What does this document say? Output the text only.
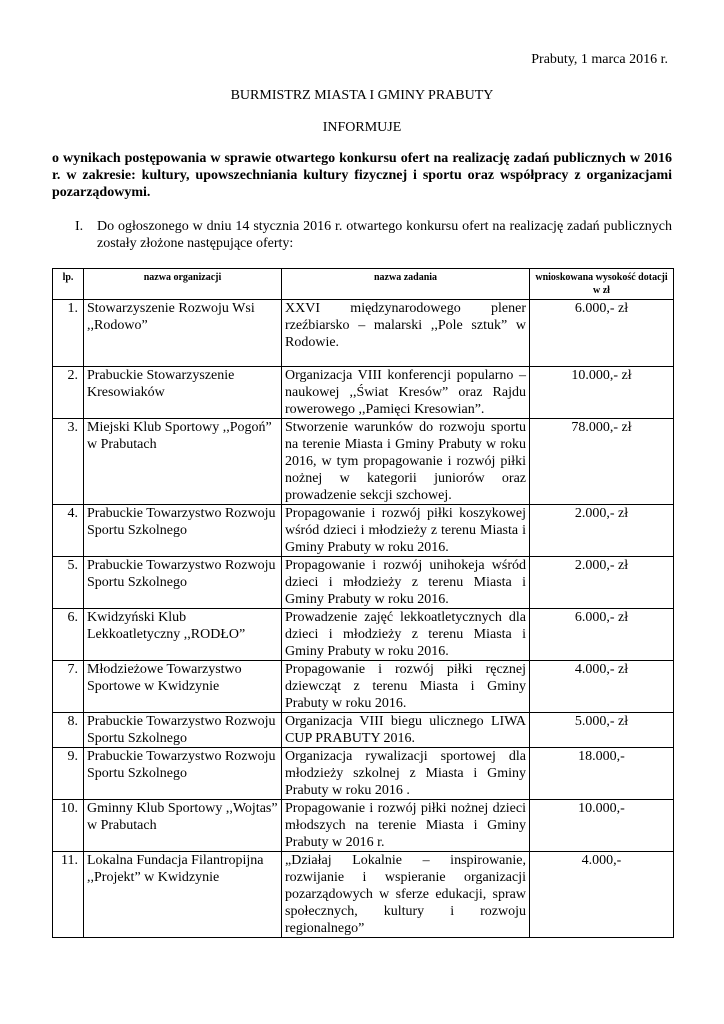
Prabuty, 1 marca 2016 r.
BURMISTRZ MIASTA I GMINY PRABUTY
INFORMUJE
o wynikach postępowania w sprawie otwartego konkursu ofert na realizację zadań publicznych w 2016 r. w zakresie: kultury, upowszechniania kultury fizycznej i sportu oraz współpracy z organizacjami pozarządowymi.
I. Do ogłoszonego w dniu 14 stycznia 2016 r. otwartego konkursu ofert na realizację zadań publicznych zostały złożone następujące oferty:
lp.	nazwa organizacji	nazwa zadania	wnioskowana wysokość dotacji w zł
1.	Stowarzyszenie Rozwoju Wsi ,,Rodowo”	XXVI międzynarodowego plener rzeźbiarsko – malarski ,,Pole sztuk” w Rodowie.	6.000,- zł
2.	Prabuckie Stowarzyszenie Kresowiaków	Organizacja VIII konferencji popularno – naukowej ,,Świat Kresów” oraz Rajdu rowerowego ,,Pamięci Kresowian”.	10.000,- zł
3.	Miejski Klub Sportowy ,,Pogoń” w Prabutach	Stworzenie warunków do rozwoju sportu na terenie Miasta i Gminy Prabuty w roku 2016, w tym propagowanie i rozwój piłki nożnej w kategorii juniorów oraz prowadzenie sekcji szchowej.	78.000,- zł
4.	Prabuckie Towarzystwo Rozwoju Sportu Szkolnego	Propagowanie i rozwój piłki koszykowej wśród dzieci i młodzieży z terenu Miasta i Gminy Prabuty w roku 2016.	2.000,- zł
5.	Prabuckie Towarzystwo Rozwoju Sportu Szkolnego	Propagowanie i rozwój unihokeja wśród dzieci i młodzieży z terenu Miasta i Gminy Prabuty w roku 2016.	2.000,- zł
6.	Kwidzyński Klub Lekkoatletyczny ,,RODŁO”	Prowadzenie zajęć lekkoatletycznych dla dzieci i młodzieży z terenu Miasta i Gminy Prabuty w roku 2016.	6.000,- zł
7.	Młodzieżowe Towarzystwo Sportowe w Kwidzynie	Propagowanie i rozwój piłki ręcznej dziewcząt z terenu Miasta i Gminy Prabuty w roku 2016.	4.000,- zł
8.	Prabuckie Towarzystwo Rozwoju Sportu Szkolnego	Organizacja VIII biegu ulicznego LIWA CUP PRABUTY 2016.	5.000,- zł
9.	Prabuckie Towarzystwo Rozwoju Sportu Szkolnego	Organizacja rywalizacji sportowej dla młodzieży szkolnej z Miasta i Gminy Prabuty w roku 2016 .	18.000,-
10.	Gminny Klub Sportowy ,,Wojtas” w Prabutach	Propagowanie i rozwój piłki nożnej dzieci młodszych na terenie Miasta i Gminy Prabuty w 2016 r.	10.000,-
11.	Lokalna Fundacja Filantropijna ,,Projekt” w Kwidzynie	„Działaj Lokalnie – inspirowanie, rozwijanie i wspieranie organizacji pozarządowych w sferze edukacji, spraw społecznych, kultury i rozwoju regionalnego”	4.000,-
